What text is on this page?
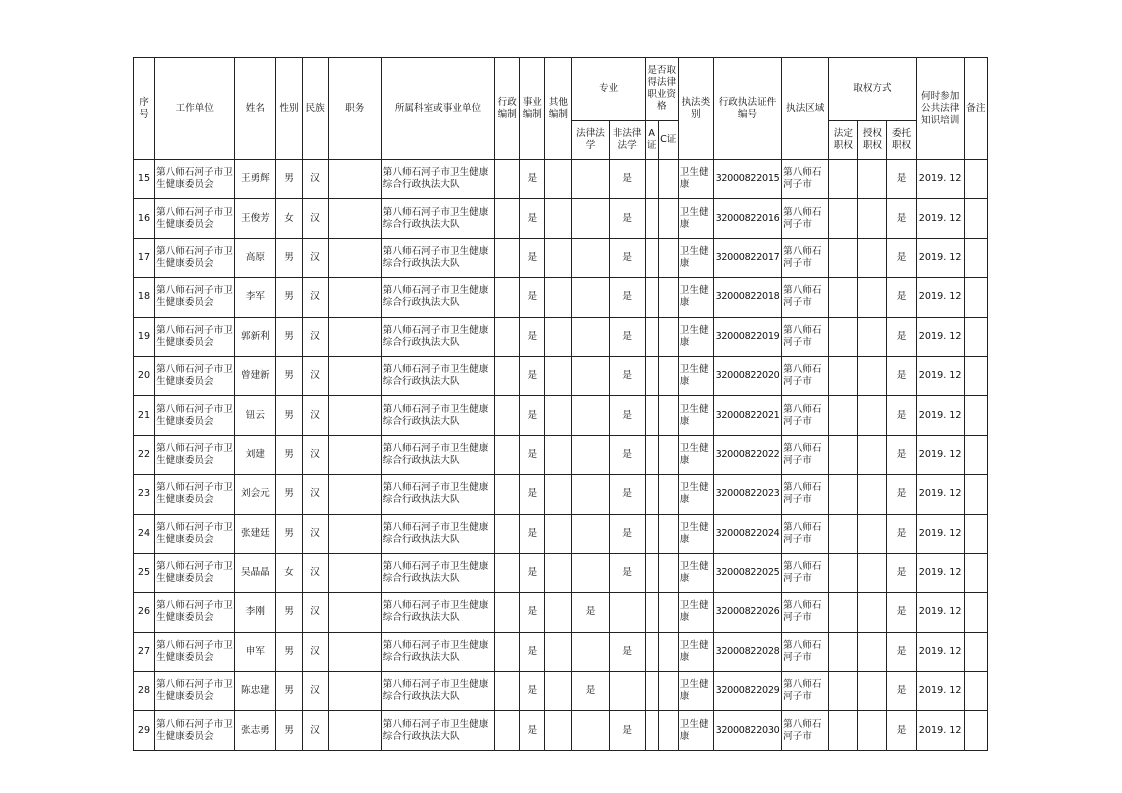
序号	工作单位	姓名	性别	民族	职务	所属科室或事业单位	行政编制	事业编制	其他编制	专业		是否取得法律职业资格		执法类别	行政执法证件编号	执法区域	取权方式			何时参加公共法律知识培训	备注
										法律法学	非法律法学	A证	C证				法定职权	授权职权	委托职权		
15	第八师石河子市卫生健康委员会	王勇辉	男	汉		第八师石河子市卫生健康综合行政执法大队		是			是			卫生健康	32000822015	第八师石河子市			是	2019. 12	
16	第八师石河子市卫生健康委员会	王俊芳	女	汉		第八师石河子市卫生健康综合行政执法大队		是			是			卫生健康	32000822016	第八师石河子市			是	2019. 12	
17	第八师石河子市卫生健康委员会	高原	男	汉		第八师石河子市卫生健康综合行政执法大队		是			是			卫生健康	32000822017	第八师石河子市			是	2019. 12	
18	第八师石河子市卫生健康委员会	李军	男	汉		第八师石河子市卫生健康综合行政执法大队		是			是			卫生健康	32000822018	第八师石河子市			是	2019. 12	
19	第八师石河子市卫生健康委员会	郭新利	男	汉		第八师石河子市卫生健康综合行政执法大队		是			是			卫生健康	32000822019	第八师石河子市			是	2019. 12	
20	第八师石河子市卫生健康委员会	曾建新	男	汉		第八师石河子市卫生健康综合行政执法大队		是			是			卫生健康	32000822020	第八师石河子市			是	2019. 12	
21	第八师石河子市卫生健康委员会	钮云	男	汉		第八师石河子市卫生健康综合行政执法大队		是			是			卫生健康	32000822021	第八师石河子市			是	2019. 12	
22	第八师石河子市卫生健康委员会	刘建	男	汉		第八师石河子市卫生健康综合行政执法大队		是			是			卫生健康	32000822022	第八师石河子市			是	2019. 12	
23	第八师石河子市卫生健康委员会	刘会元	男	汉		第八师石河子市卫生健康综合行政执法大队		是			是			卫生健康	32000822023	第八师石河子市			是	2019. 12	
24	第八师石河子市卫生健康委员会	张建廷	男	汉		第八师石河子市卫生健康综合行政执法大队		是			是			卫生健康	32000822024	第八师石河子市			是	2019. 12	
25	第八师石河子市卫生健康委员会	吴晶晶	女	汉		第八师石河子市卫生健康综合行政执法大队		是			是			卫生健康	32000822025	第八师石河子市			是	2019. 12	
26	第八师石河子市卫生健康委员会	李刚	男	汉		第八师石河子市卫生健康综合行政执法大队		是		是				卫生健康	32000822026	第八师石河子市			是	2019. 12	
27	第八师石河子市卫生健康委员会	申军	男	汉		第八师石河子市卫生健康综合行政执法大队		是			是			卫生健康	32000822028	第八师石河子市			是	2019. 12	
28	第八师石河子市卫生健康委员会	陈忠建	男	汉		第八师石河子市卫生健康综合行政执法大队		是		是				卫生健康	32000822029	第八师石河子市			是	2019. 12	
29	第八师石河子市卫生健康委员会	张志勇	男	汉		第八师石河子市卫生健康综合行政执法大队		是			是			卫生健康	32000822030	第八师石河子市			是	2019. 12	
